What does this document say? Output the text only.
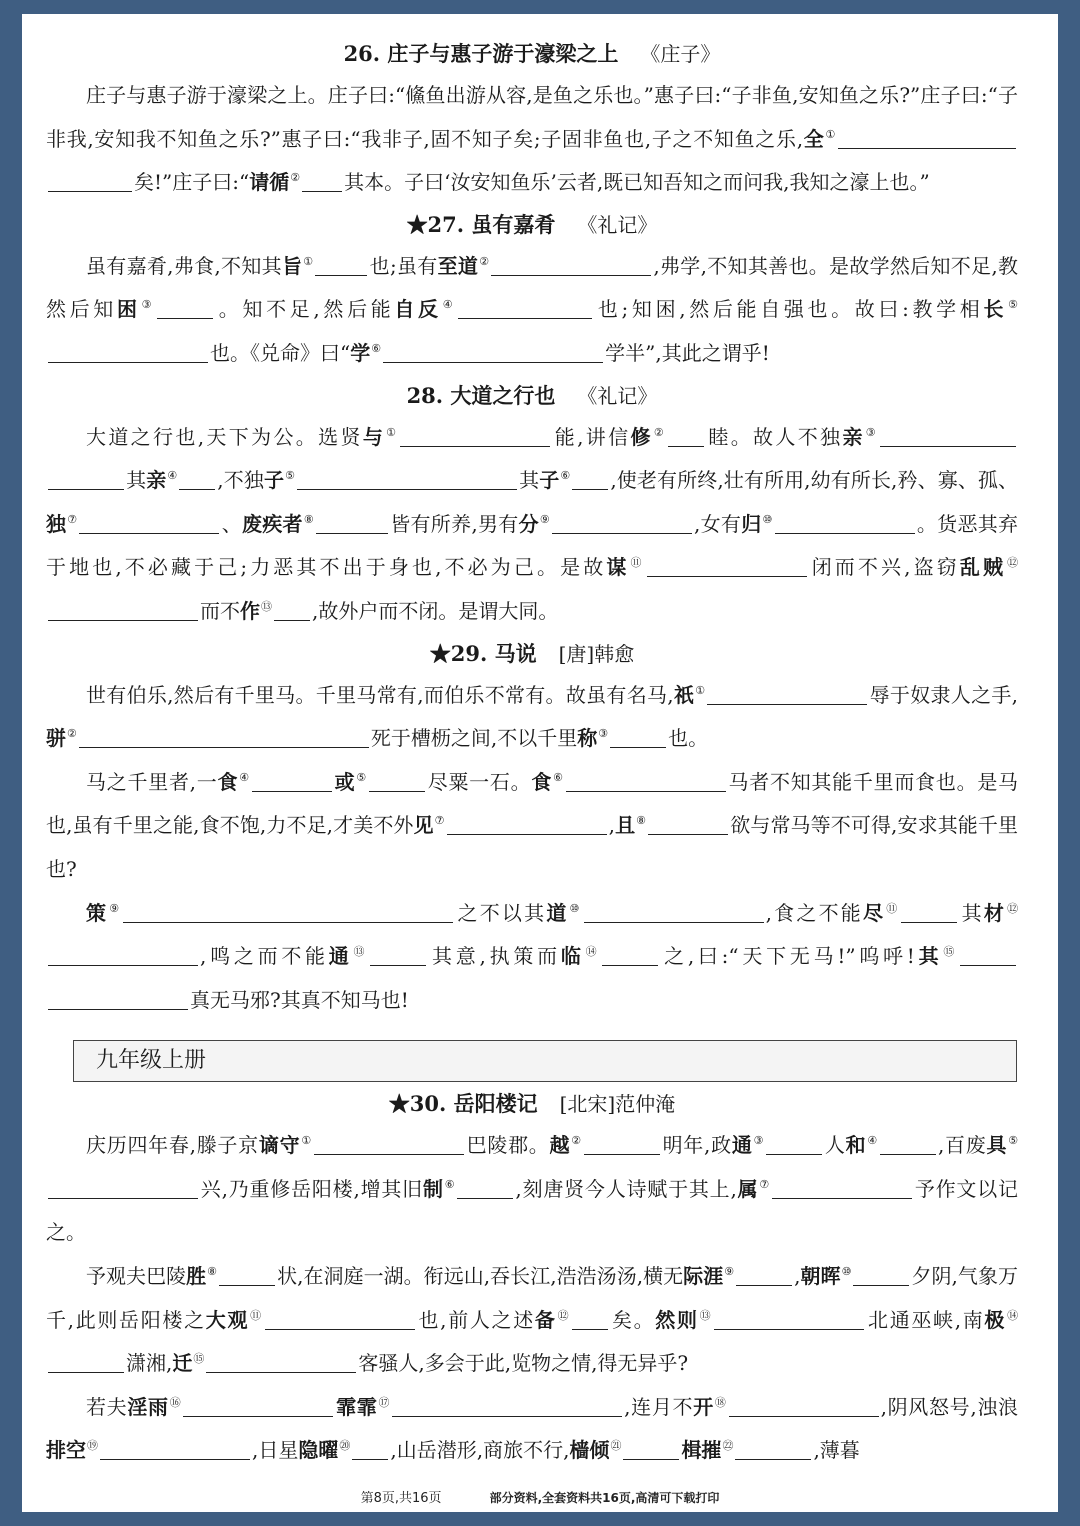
26. 庄子与惠子游于濠梁之上 《庄子》

庄子与惠子游于濠梁之上。庄子曰:“鯈鱼出游从容,是鱼之乐也。”惠子曰:“子非鱼,安知鱼之乐?”庄子曰:“子非我,安知我不知鱼之乐?”惠子曰:“我非子,固不知子矣;子固非鱼也,子之不知鱼之乐,全①矣!”庄子曰:“请循② 其本。子曰‘汝安知鱼乐’云者,既已知吾知之而问我,我知之濠上也。”

★27. 虽有嘉肴 《礼记》

虽有嘉肴,弗食,不知其旨①	也;虽有至道②	,弗学,不知其善也。是故学然后知不足,教然后知困③	。知不足,然后能自反④	也;知困,然后能自强也。故曰:教学相长⑤也。《兑命》曰“学⑥	学半”,其此之谓乎!

28. 大道之行也 《礼记》

大道之行也,天下为公。选贤与①	能,讲信修② 睦。故人不独亲③其亲④ ,不独子⑤	其子⑥ ,使老有所终,壮有所用,幼有所长,矜、寡、孤、独⑦	、废疾者⑧	皆有所养,男有分⑨	,女有归⑩	。货恶其弃于地也,不必藏于己;力恶其不出于身也,不必为己。是故谋⑪	闭而不兴,盗窃乱贼⑫而不作⑬ ,故外户而不闭。是谓大同。

★29. 马说 [唐]韩愈

世有伯乐,然后有千里马。千里马常有,而伯乐不常有。故虽有名马,祇①	辱于奴隶人之手,骈②	死于槽枥之间,不以千里称③	也。

马之千里者,一食④	或⑤	尽粟一石。食⑥	马者不知其能千里而食也。是马也,虽有千里之能,食不饱,力不足,才美不外见⑦	,且⑧	欲与常马等不可得,安求其能千里也?

策⑨	之不以其道⑩	,食之不能尽⑪	其材⑫,鸣之而不能通⑬	其意,执策而临⑭	之,曰:“天下无马!”呜呼!其⑮真无马邪?其真不知马也!

九年级上册
★30. 岳阳楼记 [北宋]范仲淹

庆历四年春,滕子京谪守①	巴陵郡。越②	明年,政通③	人和④	,百废具⑤兴,乃重修岳阳楼,增其旧制⑥	,刻唐贤今人诗赋于其上,属⑦	予作文以记之。

予观夫巴陵胜⑧	状,在洞庭一湖。衔远山,吞长江,浩浩汤汤,横无际涯⑨	,朝晖⑩	夕阴,气象万千,此则岳阳楼之大观⑪	也,前人之述备⑫ 矣。然则⑬	北通巫峡,南极⑭潇湘,迁⑮	客骚人,多会于此,览物之情,得无异乎?

若夫淫雨⑯	霏霏⑰	,连月不开⑱	,阴风怒号,浊浪排空⑲	,日星隐曜⑳ ,山岳潜形,商旅不行,樯倾$^㉑$	楫摧$^㉒$	,薄暮

第8页,共16页	部分资料,全套资料共16页,高清可下载打印
